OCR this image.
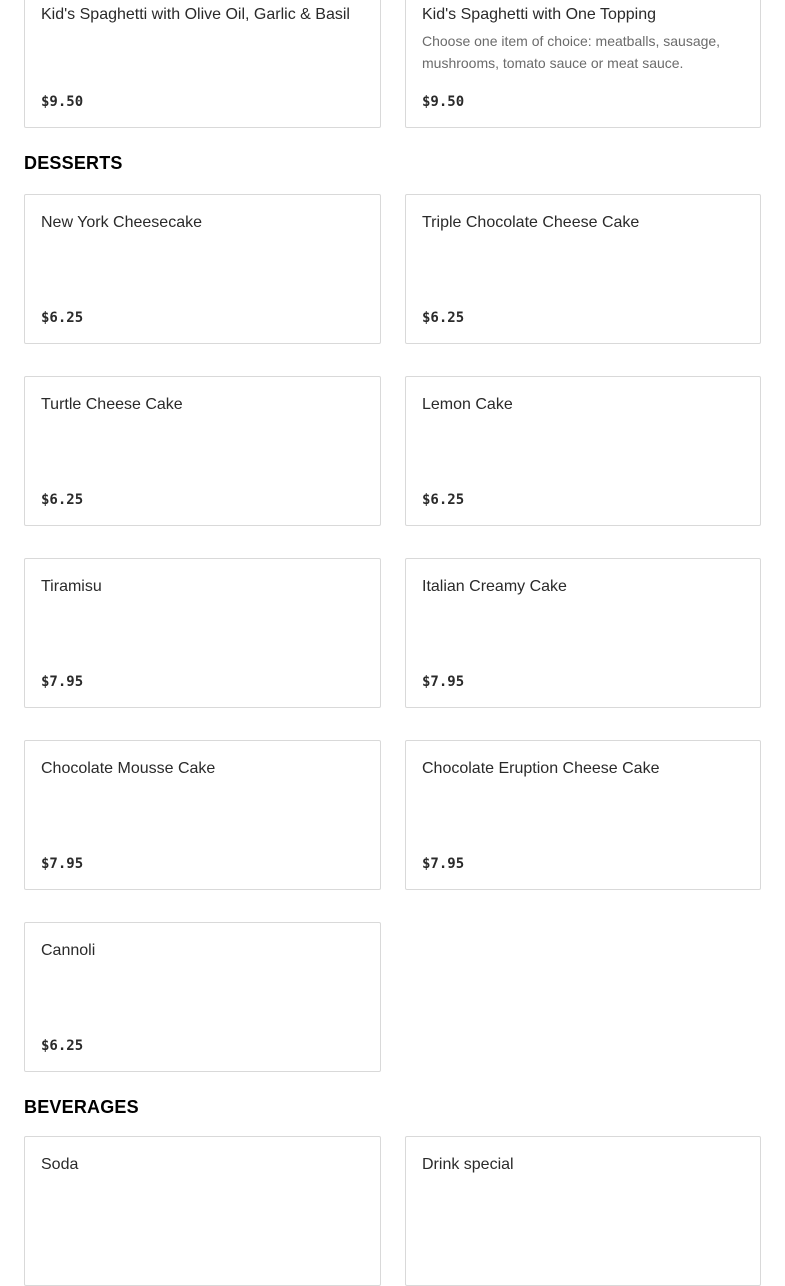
Kid's Spaghetti with Olive Oil, Garlic & Basil

$9.50

Kid's Spaghetti with One Topping

Choose one item of choice: meatballs, sausage, mushrooms, tomato sauce or meat sauce.

$9.50

DESSERTS

New York Cheesecake

$6.25

Triple Chocolate Cheese Cake

$6.25

Turtle Cheese Cake

$6.25

Lemon Cake

$6.25

Tiramisu

$7.95

Italian Creamy Cake

$7.95

Chocolate Mousse Cake

$7.95

Chocolate Eruption Cheese Cake

$7.95

Cannoli

$6.25

BEVERAGES

Soda	Drink special
